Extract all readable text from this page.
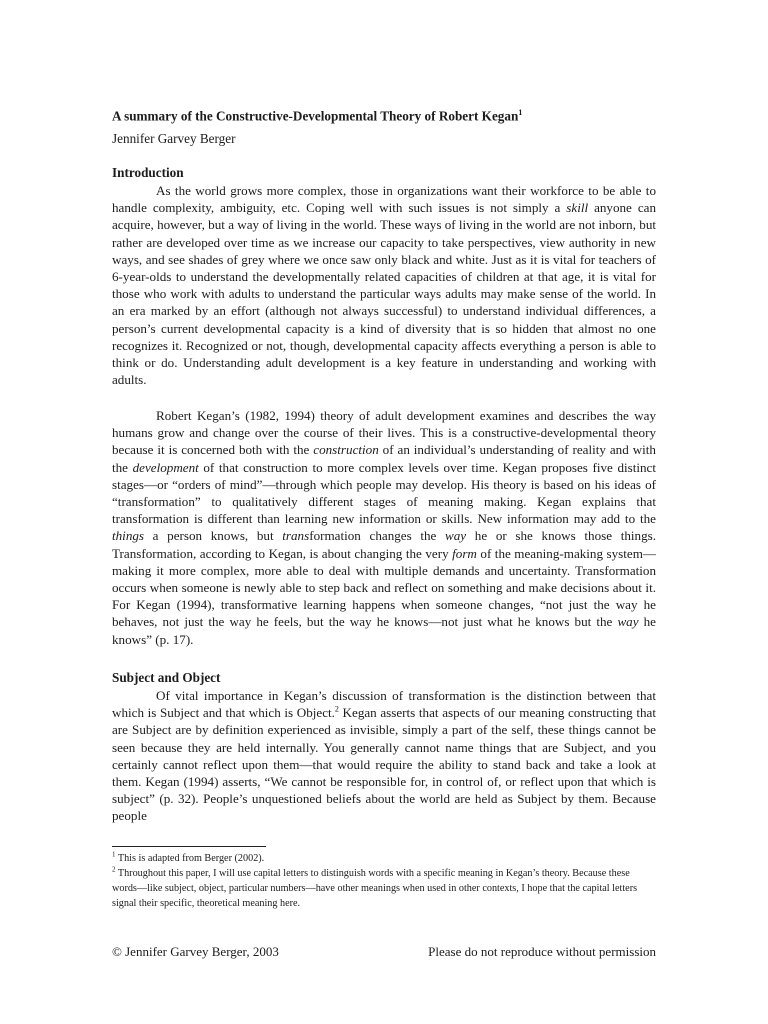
A summary of the Constructive-Developmental Theory of Robert Kegan$^1$
Jennifer Garvey Berger
Introduction

As the world grows more complex, those in organizations want their workforce to be able to handle complexity, ambiguity, etc. Coping well with such issues is not simply a skill anyone can acquire, however, but a way of living in the world. These ways of living in the world are not inborn, but rather are developed over time as we increase our capacity to take perspectives, view authority in new ways, and see shades of grey where we once saw only black and white. Just as it is vital for teachers of 6-year-olds to understand the developmentally related capacities of children at that age, it is vital for those who work with adults to understand the particular ways adults may make sense of the world. In an era marked by an effort (although not always successful) to understand individual differences, a person’s current developmental capacity is a kind of diversity that is so hidden that almost no one recognizes it. Recognized or not, though, developmental capacity affects everything a person is able to think or do. Understanding adult development is a key feature in understanding and working with adults.

Robert Kegan’s (1982, 1994) theory of adult development examines and describes the way humans grow and change over the course of their lives. This is a constructive-developmental theory because it is concerned both with the construction of an individual’s understanding of reality and with the development of that construction to more complex levels over time. Kegan proposes five distinct stages—or “orders of mind”—through which people may develop. His theory is based on his ideas of “transformation” to qualitatively different stages of meaning making. Kegan explains that transformation is different than learning new information or skills. New information may add to the things a person knows, but transformation changes the way he or she knows those things. Transformation, according to Kegan, is about changing the very form of the meaning-making system—making it more complex, more able to deal with multiple demands and uncertainty. Transformation occurs when someone is newly able to step back and reflect on something and make decisions about it. For Kegan (1994), transformative learning happens when someone changes, “not just the way he behaves, not just the way he feels, but the way he knows—not just what he knows but the way he knows” (p. 17).

Subject and Object

Of vital importance in Kegan’s discussion of transformation is the distinction between that which is Subject and that which is Object.$^2$ Kegan asserts that aspects of our meaning constructing that are Subject are by definition experienced as invisible, simply a part of the self, these things cannot be seen because they are held internally. You generally cannot name things that are Subject, and you certainly cannot reflect upon them—that would require the ability to stand back and take a look at them. Kegan (1994) asserts, “We cannot be responsible for, in control of, or reflect upon that which is subject” (p. 32). People’s unquestioned beliefs about the world are held as Subject by them. Because people

$^1$ This is adapted from Berger (2002).

$^2$ Throughout this paper, I will use capital letters to distinguish words with a specific meaning in Kegan’s theory. Because these words—like subject, object, particular numbers—have other meanings when used in other contexts, I hope that the capital letters signal their specific, theoretical meaning here.

© Jennifer Garvey Berger, 2003	Please do not reproduce without permission
